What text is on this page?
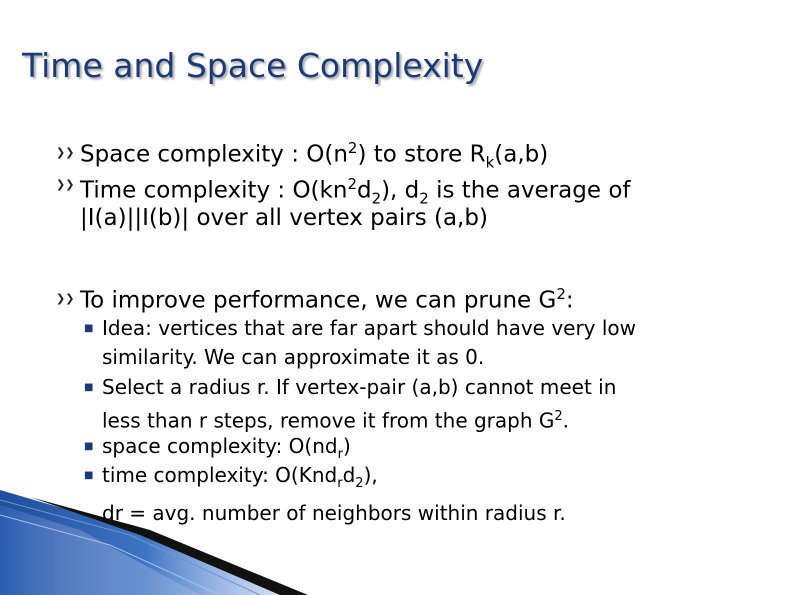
Time and Space Complexity
❯❯ Space complexity : $O(n^2)$ to store $R_k(a,b)$
❯❯ Time complexity : $O(kn^2d_2)$, $d_2$ is the average of
|I(a)||I(b)| over all vertex pairs (a,b)
❯❯ To improve performance, we can prune $G^2$:
■ Idea: vertices that are far apart should have very low
similarity. We can approximate it as 0.
■ Select a radius r. If vertex-pair (a,b) cannot meet in
less than r steps, remove it from the graph $G^2$.
■ space complexity: $O(nd_r)$
■ time complexity: $O(Knd_rd_2)$,
dr = avg. number of neighbors within radius r.
